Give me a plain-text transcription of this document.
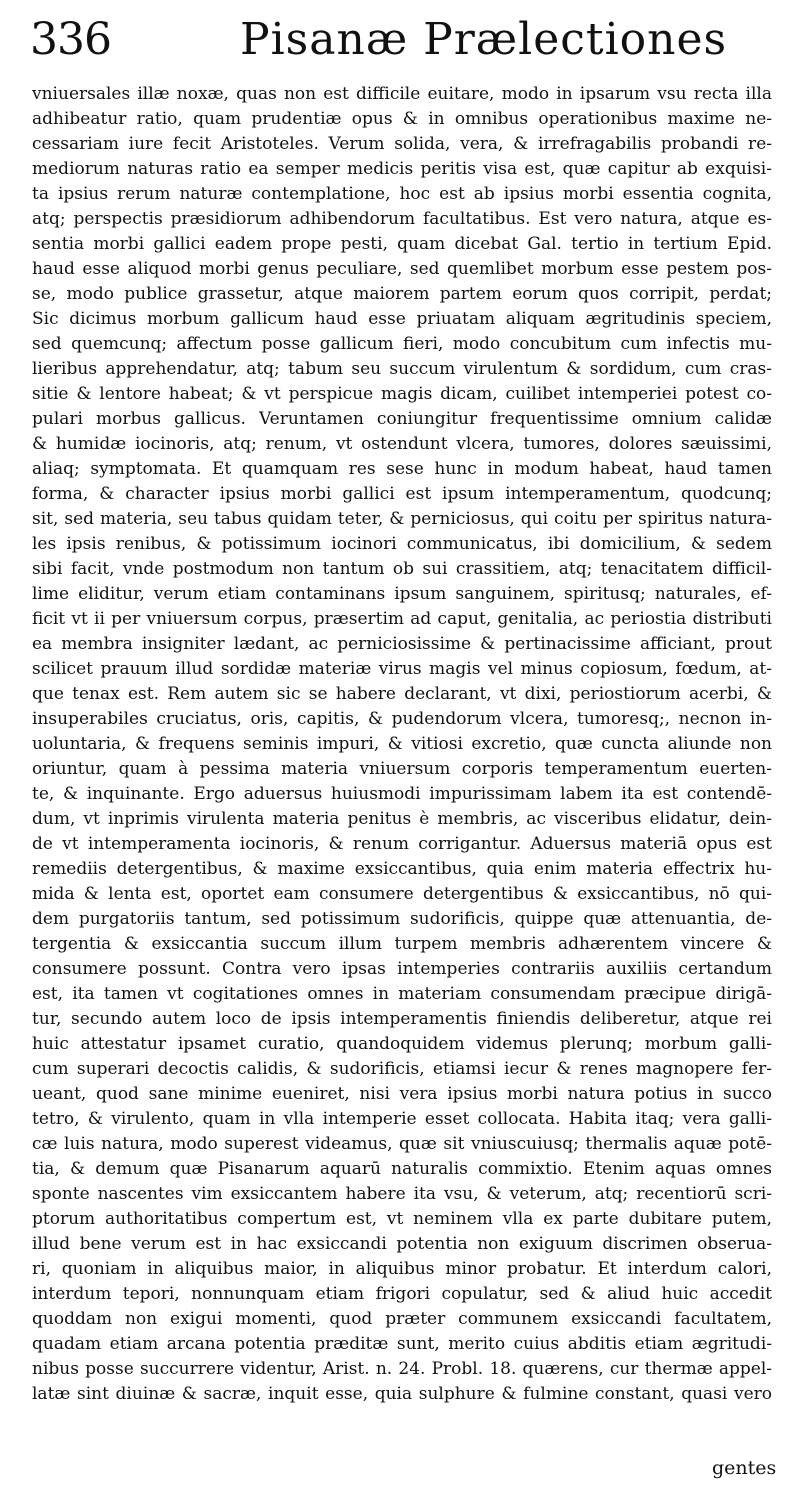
336	Pisanæ Prælectiones
vniuersales illæ noxæ, quas non est difficile euitare, modo in ipsarum vsu recta illa
adhibeatur ratio, quam prudentiæ opus & in omnibus operationibus maxime ne-
cessariam iure fecit Aristoteles. Verum solida, vera, & irrefragabilis probandi re-
mediorum naturas ratio ea semper medicis peritis visa est, quæ capitur ab exquisi-
ta ipsius rerum naturæ contemplatione, hoc est ab ipsius morbi essentia cognita,
atq; perspectis præsidiorum adhibendorum facultatibus. Est vero natura, atque es-
sentia morbi gallici eadem prope pesti, quam dicebat Gal. tertio in tertium Epid.
haud esse aliquod morbi genus peculiare, sed quemlibet morbum esse pestem pos-
se, modo publice grassetur, atque maiorem partem eorum quos corripit, perdat;
Sic dicimus morbum gallicum haud esse priuatam aliquam ægritudinis speciem,
sed quemcunq; affectum posse gallicum fieri, modo concubitum cum infectis mu-
lieribus apprehendatur, atq; tabum seu succum virulentum & sordidum, cum cras-
sitie & lentore habeat; & vt perspicue magis dicam, cuilibet intemperiei potest co-
pulari morbus gallicus. Veruntamen coniungitur frequentissime omnium calidæ
& humidæ iocinoris, atq; renum, vt ostendunt vlcera, tumores, dolores sæuissimi,
aliaq; symptomata. Et quamquam res sese hunc in modum habeat, haud tamen
forma, & character ipsius morbi gallici est ipsum intemperamentum, quodcunq;
sit, sed materia, seu tabus quidam teter, & perniciosus, qui coitu per spiritus natura-
les ipsis renibus, & potissimum iocinori communicatus, ibi domicilium, & sedem
sibi facit, vnde postmodum non tantum ob sui crassitiem, atq; tenacitatem difficil-
lime eliditur, verum etiam contaminans ipsum sanguinem, spiritusq; naturales, ef-
ficit vt ii per vniuersum corpus, præsertim ad caput, genitalia, ac periostia distributi
ea membra insigniter lædant, ac perniciosissime & pertinacissime afficiant, prout
scilicet prauum illud sordidæ materiæ virus magis vel minus copiosum, fœdum, at-
que tenax est. Rem autem sic se habere declarant, vt dixi, periostiorum acerbi, &
insuperabiles cruciatus, oris, capitis, & pudendorum vlcera, tumoresq;, necnon in-
uoluntaria, & frequens seminis impuri, & vitiosi excretio, quæ cuncta aliunde non
oriuntur, quam à pessima materia vniuersum corporis temperamentum euerten-
te, & inquinante. Ergo aduersus huiusmodi impurissimam labem ita est contendē-
dum, vt inprimis virulenta materia penitus è membris, ac visceribus elidatur, dein-
de vt intemperamenta iocinoris, & renum corrigantur. Aduersus materiā opus est
remediis detergentibus, & maxime exsiccantibus, quia enim materia effectrix hu-
mida & lenta est, oportet eam consumere detergentibus & exsiccantibus, nō qui-
dem purgatoriis tantum, sed potissimum sudorificis, quippe quæ attenuantia, de-
tergentia & exsiccantia succum illum turpem membris adhærentem vincere &
consumere possunt. Contra vero ipsas intemperies contrariis auxiliis certandum
est, ita tamen vt cogitationes omnes in materiam consumendam præcipue dirigā-
tur, secundo autem loco de ipsis intemperamentis finiendis deliberetur, atque rei
huic attestatur ipsamet curatio, quandoquidem videmus plerunq; morbum galli-
cum superari decoctis calidis, & sudorificis, etiamsi iecur & renes magnopere fer-
ueant, quod sane minime eueniret, nisi vera ipsius morbi natura potius in succo
tetro, & virulento, quam in vlla intemperie esset collocata. Habita itaq; vera galli-
cæ luis natura, modo superest videamus, quæ sit vniuscuiusq; thermalis aquæ potē-
tia, & demum quæ Pisanarum aquarū naturalis commixtio. Etenim aquas omnes
sponte nascentes vim exsiccantem habere ita vsu, & veterum, atq; recentiorū scri-
ptorum authoritatibus compertum est, vt neminem vlla ex parte dubitare putem,
illud bene verum est in hac exsiccandi potentia non exiguum discrimen obserua-
ri, quoniam in aliquibus maior, in aliquibus minor probatur. Et interdum calori,
interdum tepori, nonnunquam etiam frigori copulatur, sed & aliud huic accedit
quoddam non exigui momenti, quod præter communem exsiccandi facultatem,
quadam etiam arcana potentia præditæ sunt, merito cuius abditis etiam ægritudi-
nibus posse succurrere videntur, Arist. n. 24. Probl. 18. quærens, cur thermæ appel-
latæ sint diuinæ & sacræ, inquit esse, quia sulphure & fulmine constant, quasi vero
gentes
